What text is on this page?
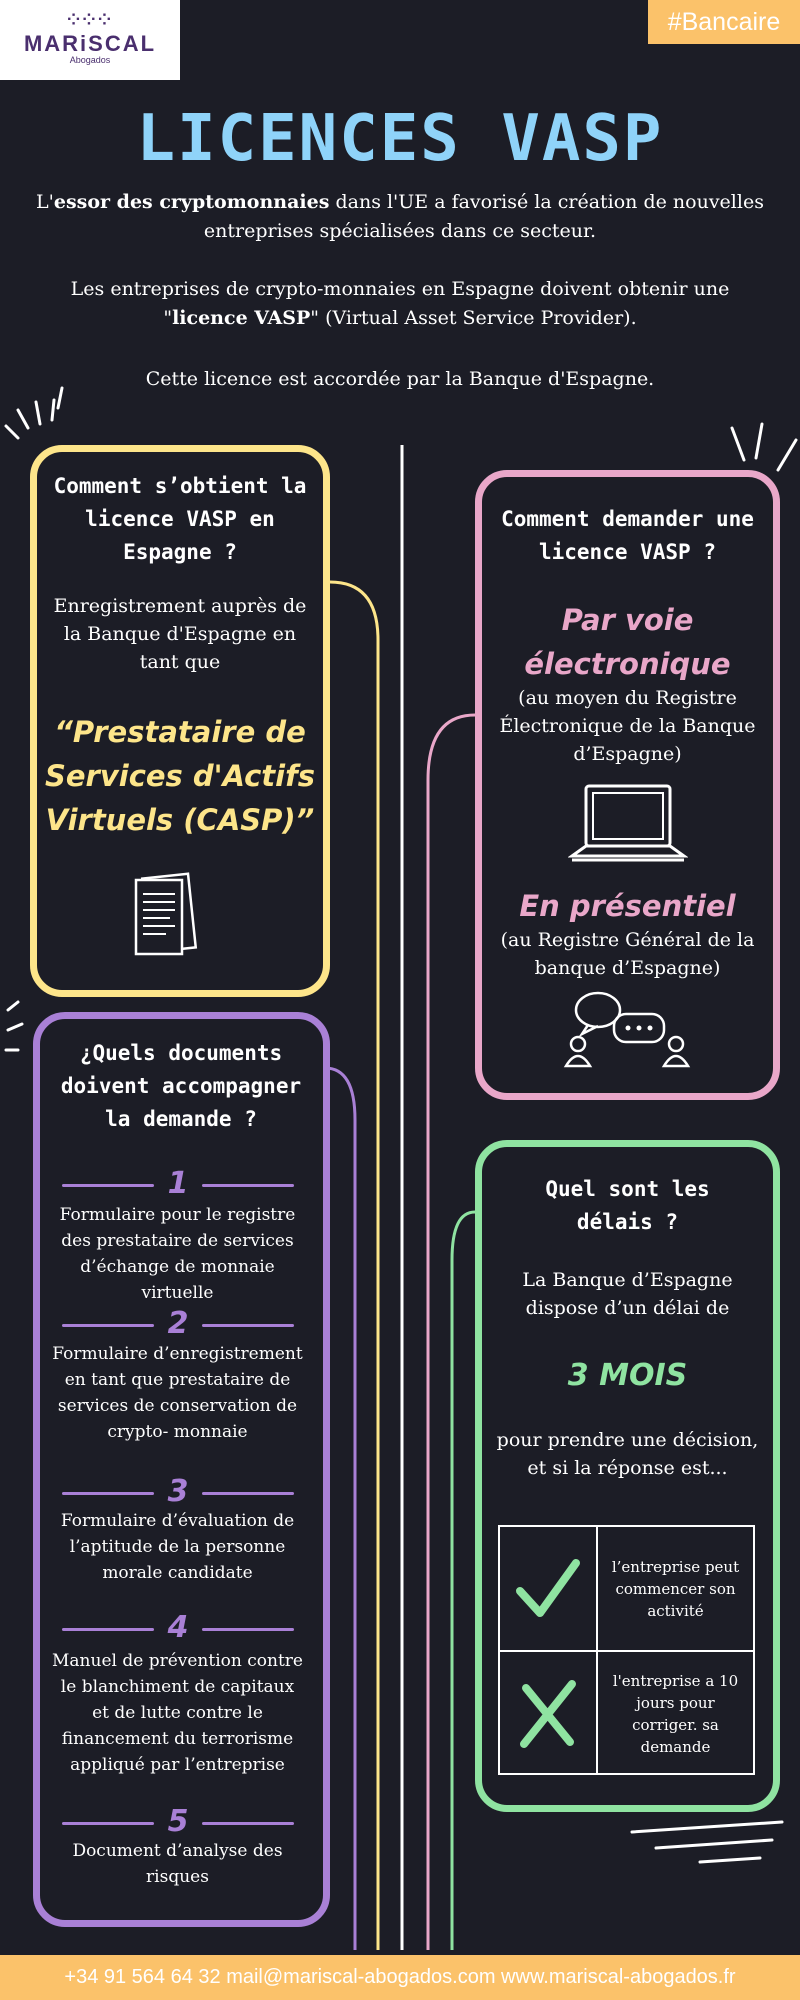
⁘⁘⁘
MARiSCAL
Abogados
#Bancaire
LICENCES VASP
L'essor des cryptomonnaies dans l'UE a favorisé la création de nouvelles entreprises spécialisées dans ce secteur.
Les entreprises de crypto-monnaies en Espagne doivent obtenir une "licence VASP" (Virtual Asset Service Provider).
Cette licence est accordée par la Banque d'Espagne.
Comment s’obtient la licence VASP en Espagne ?
Enregistrement auprès de la Banque d'Espagne en tant que
“Prestataire de Services d'Actifs Virtuels (CASP)”
Comment demander une licence VASP ?
Par voie électronique
(au moyen du Registre Électronique de la Banque d’Espagne)
En présentiel
(au Registre Général de la banque d’Espagne)
¿Quels documents doivent accompagner la demande ?
1
Formulaire pour le registre des prestataire de services d’échange de monnaie virtuelle
2
Formulaire d’enregistrement en tant que prestataire de services de conservation de crypto- monnaie
3
Formulaire d’évaluation de l’aptitude de la personne morale candidate
4
Manuel de prévention contre le blanchiment de capitaux et de lutte contre le financement du terrorisme appliqué par l’entreprise
5
Document d’analyse des risques
Quel sont les délais ?
La Banque d’Espagne dispose d’un délai de
3 MOIS
pour prendre une décision, et si la réponse est...
l’entreprise peut commencer son activité
l'entreprise a 10 jours pour corriger. sa demande
+34 91 564 64 32 mail@mariscal-abogados.com www.mariscal-abogados.fr
